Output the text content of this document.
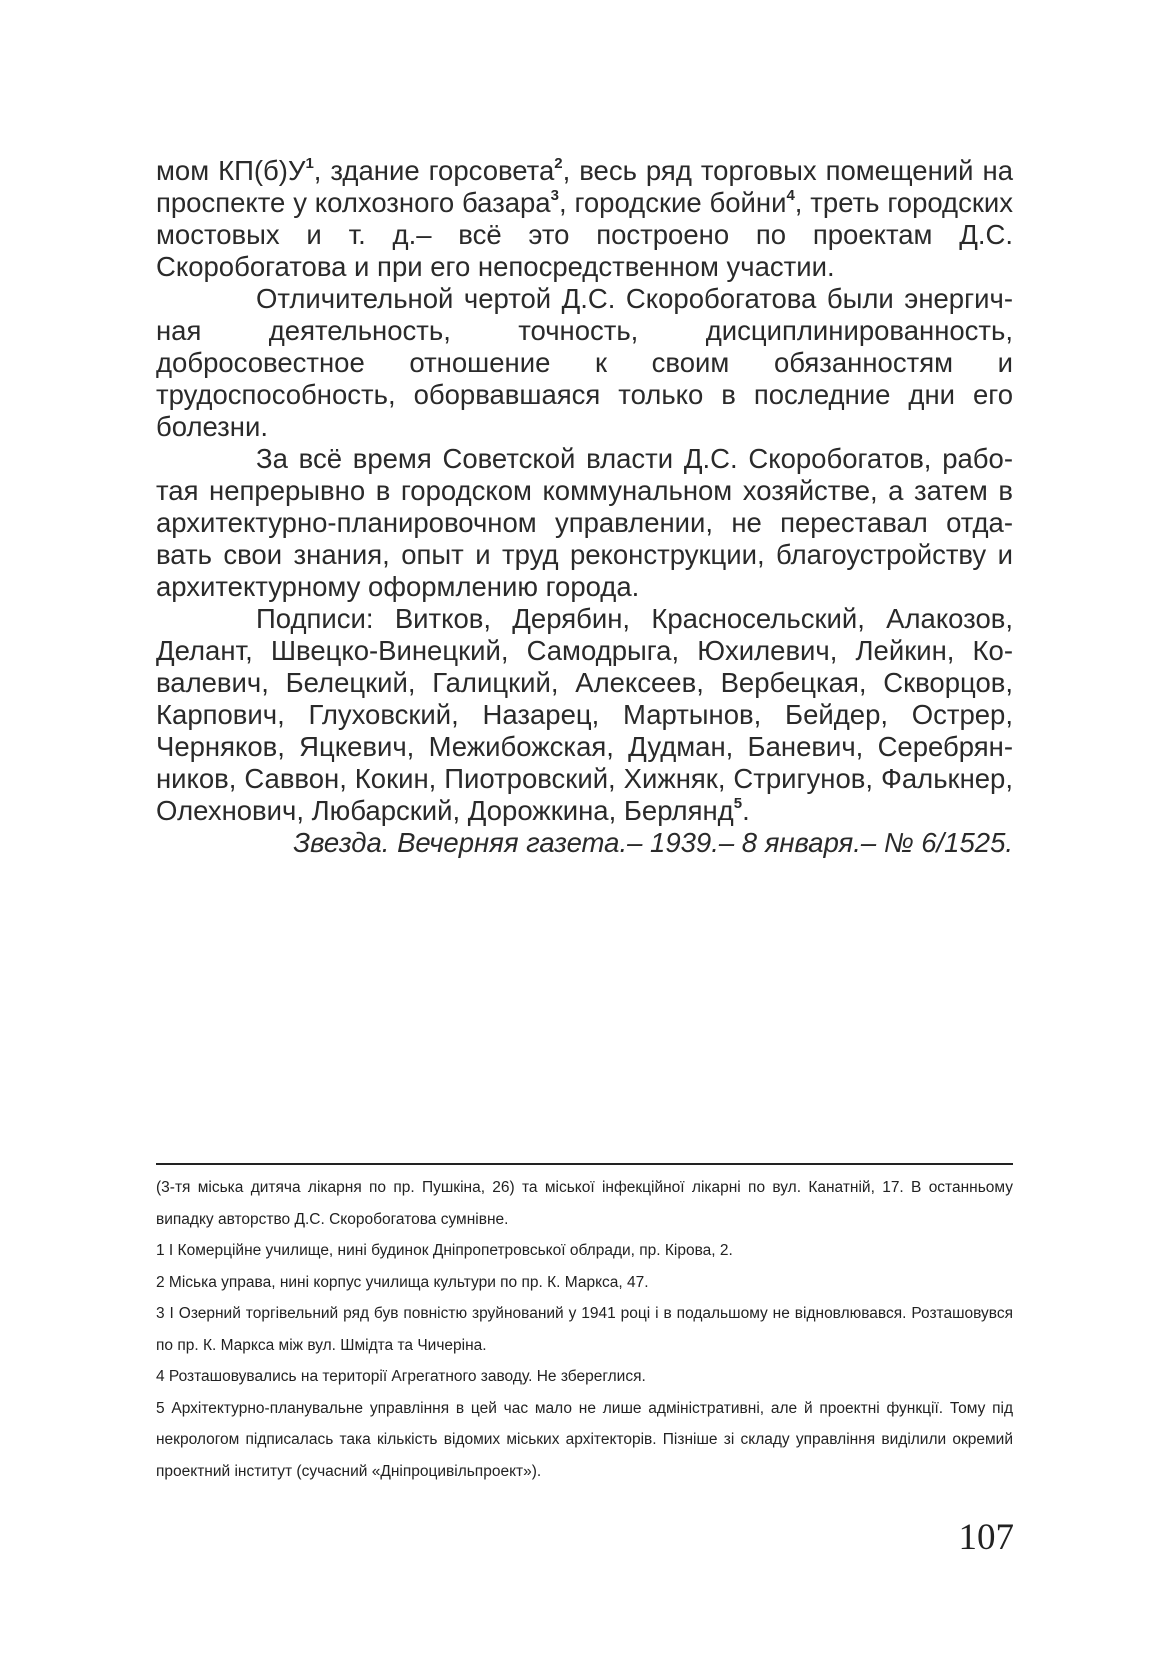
мом $КП(б)У^1$, здание горсовета$^2$, весь ряд торговых помещений на проспекте у колхозного базара$^3$, городские бойни$^4$, треть городских мостовых и т. д.– всё это построено по проектам Д.С. Скоробогатова и при его непосредственном участии.

Отличительной чертой Д.С. Скоробогатова были энергичная деятельность, точность, дисциплинированность, добросовестное отношение к своим обязанностям и трудоспособность, оборвавшаяся только в последние дни его болезни.

За всё время Советской власти Д.С. Скоробогатов, работая непрерывно в городском коммунальном хозяйстве, а затем в архитектурно-планировочном управлении, не переставал отдавать свои знания, опыт и труд реконструкции, благоустройству и архитектурному оформлению города.

Подписи: Витков, Дерябин, Красносельский, Алакозов, Делант, Швецко-Винецкий, Самодрыга, Юхилевич, Лейкин, Ковалевич, Белецкий, Галицкий, Алексеев, Вербецкая, Скворцов, Карпович, Глуховский, Назарец, Мартынов, Бейдер, Острер, Черняков, Яцкевич, Межибожская, Дудман, Баневич, Серебрянников, Саввон, Кокин, Пиотровский, Хижняк, Стригунов, Фалькнер, Олехнович, Любарский, Дорожкина, Берлянд$^5$.

Звезда. Вечерняя газета.– 1939.– 8 января.– № 6/1525.

(3-тя міська дитяча лікарня по пр. Пушкіна, 26) та міської інфекційної лікарні по вул. Канатній, 17. В останньому випадку авторство Д.С. Скоробогатова сумнівне.

1 І Комерційне училище, нині будинок Дніпропетровської облради, пр. Кірова, 2.

2 Міська управа, нині корпус училища культури по пр. К. Маркса, 47.

3 І Озерний торгівельний ряд був повністю зруйнований у 1941 році і в подальшому не відновлювався. Розташовувся по пр. К. Маркса між вул. Шмідта та Чичеріна.

4 Розташовувались на території Агрегатного заводу. Не збереглися.

5 Архітектурно-планувальне управління в цей час мало не лише адміністративні, але й проектні функції. Тому під некрологом підписалась така кількість відомих міських архітекторів. Пізніше зі складу управління виділили окремий проектний інститут (сучасний «Дніпроцивільпроект»).

107
